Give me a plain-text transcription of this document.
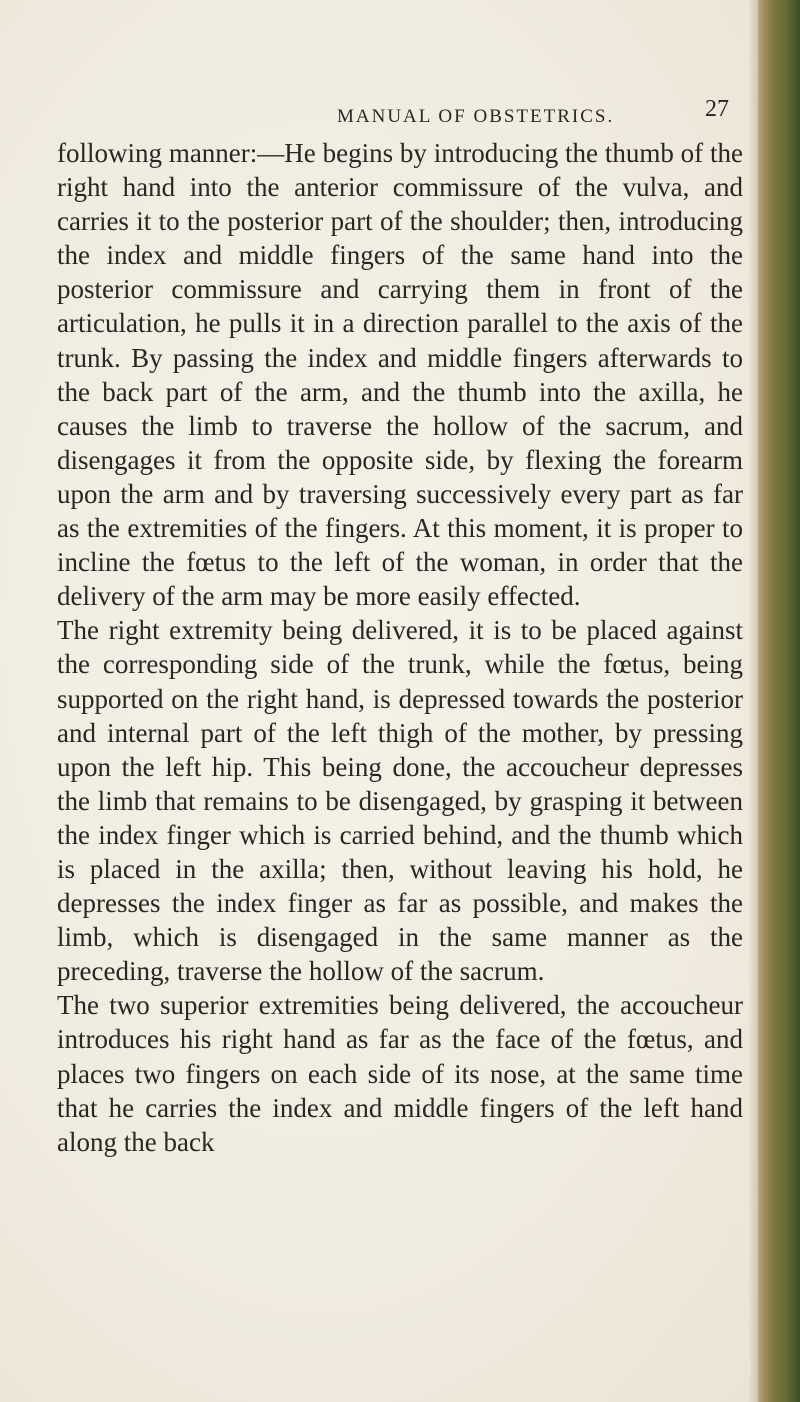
MANUAL OF OBSTETRICS.	27

following manner:—He begins by introducing the thumb of the right hand into the anterior commissure of the vulva, and carries it to the posterior part of the shoulder; then, introducing the index and middle fingers of the same hand into the posterior commissure and carrying them in front of the articulation, he pulls it in a direction parallel to the axis of the trunk. By passing the index and middle fingers afterwards to the back part of the arm, and the thumb into the axilla, he causes the limb to traverse the hollow of the sacrum, and disengages it from the opposite side, by flexing the forearm upon the arm and by traversing successively every part as far as the extremities of the fingers. At this moment, it is proper to incline the fœtus to the left of the woman, in order that the delivery of the arm may be more easily effected.

The right extremity being delivered, it is to be placed against the corresponding side of the trunk, while the fœtus, being supported on the right hand, is depressed towards the posterior and internal part of the left thigh of the mother, by pressing upon the left hip. This being done, the accoucheur depresses the limb that remains to be disengaged, by grasping it between the index finger which is carried behind, and the thumb which is placed in the axilla; then, without leaving his hold, he depresses the index finger as far as possible, and makes the limb, which is disengaged in the same manner as the preceding, traverse the hollow of the sacrum.

The two superior extremities being delivered, the accoucheur introduces his right hand as far as the face of the fœtus, and places two fingers on each side of its nose, at the same time that he carries the index and middle fingers of the left hand along the back
